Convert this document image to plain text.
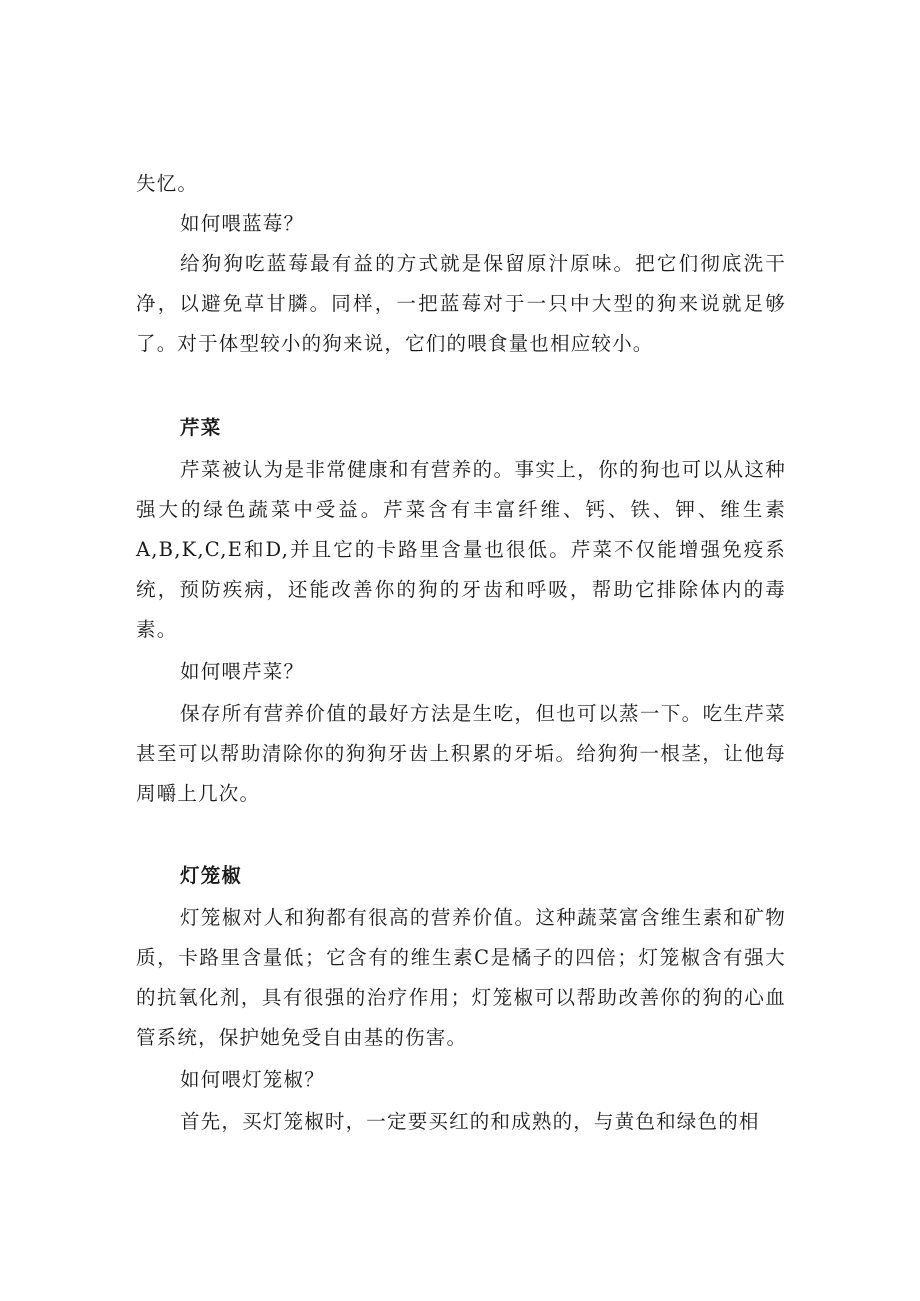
失忆。

如何喂蓝莓？

给狗狗吃蓝莓最有益的方式就是保留原汁原味。把它们彻底洗干净，以避免草甘膦。同样，一把蓝莓对于一只中大型的狗来说就足够了。对于体型较小的狗来说，它们的喂食量也相应较小。

芹菜

芹菜被认为是非常健康和有营养的。事实上，你的狗也可以从这种强大的绿色蔬菜中受益。芹菜含有丰富纤维、钙、铁、钾、维生素A,B,K,C,E和D,并且它的卡路里含量也很低。芹菜不仅能增强免疫系统，预防疾病，还能改善你的狗的牙齿和呼吸，帮助它排除体内的毒素。

如何喂芹菜？

保存所有营养价值的最好方法是生吃，但也可以蒸一下。吃生芹菜甚至可以帮助清除你的狗狗牙齿上积累的牙垢。给狗狗一根茎，让他每周嚼上几次。

灯笼椒

灯笼椒对人和狗都有很高的营养价值。这种蔬菜富含维生素和矿物质，卡路里含量低；它含有的维生素C是橘子的四倍；灯笼椒含有强大的抗氧化剂，具有很强的治疗作用；灯笼椒可以帮助改善你的狗的心血管系统，保护她免受自由基的伤害。

如何喂灯笼椒？

首先，买灯笼椒时，一定要买红的和成熟的，与黄色和绿色的相
